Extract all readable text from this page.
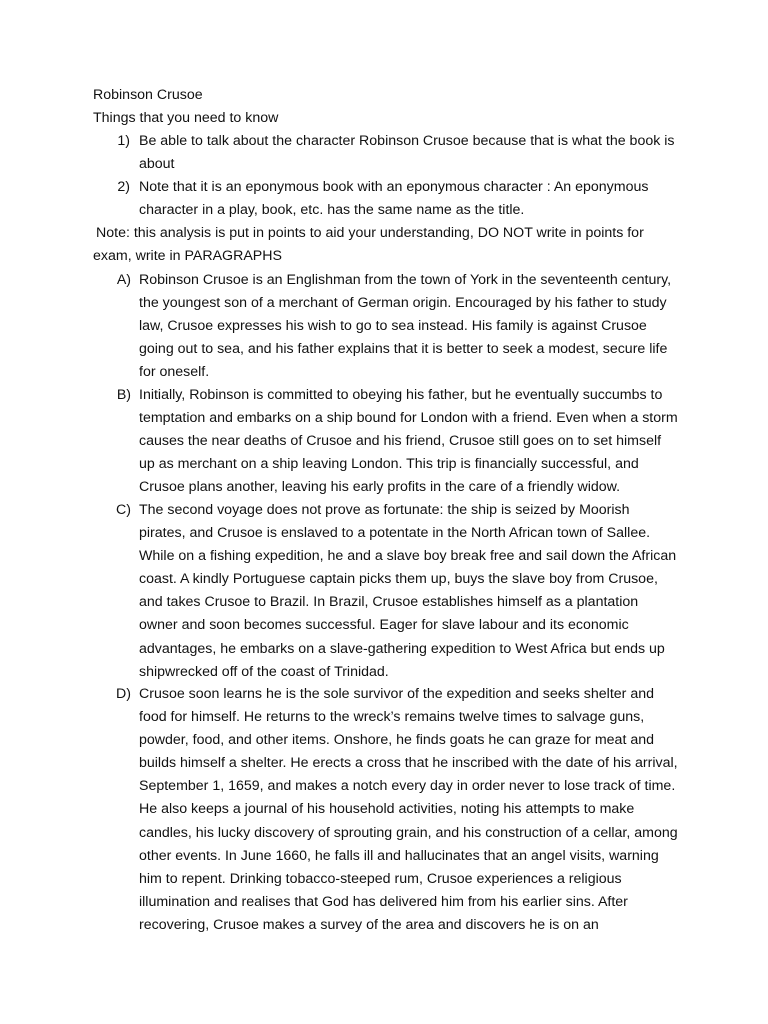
Robinson Crusoe
Things that you need to know
1) Be able to talk about the character Robinson Crusoe because that is what the book is about
2) Note that it is an eponymous book with an eponymous character : An eponymous character in a play, book, etc. has the same name as the title.
Note: this analysis is put in points to aid your understanding, DO NOT write in points for exam, write in PARAGRAPHS
A) Robinson Crusoe is an Englishman from the town of York in the seventeenth century, the youngest son of a merchant of German origin. Encouraged by his father to study law, Crusoe expresses his wish to go to sea instead. His family is against Crusoe going out to sea, and his father explains that it is better to seek a modest, secure life for oneself.
B) Initially, Robinson is committed to obeying his father, but he eventually succumbs to temptation and embarks on a ship bound for London with a friend. Even when a storm causes the near deaths of Crusoe and his friend, Crusoe still goes on to set himself up as merchant on a ship leaving London. This trip is financially successful, and Crusoe plans another, leaving his early profits in the care of a friendly widow.
C) The second voyage does not prove as fortunate: the ship is seized by Moorish pirates, and Crusoe is enslaved to a potentate in the North African town of Sallee. While on a fishing expedition, he and a slave boy break free and sail down the African coast. A kindly Portuguese captain picks them up, buys the slave boy from Crusoe, and takes Crusoe to Brazil. In Brazil, Crusoe establishes himself as a plantation owner and soon becomes successful. Eager for slave labour and its economic advantages, he embarks on a slave-gathering expedition to West Africa but ends up shipwrecked off of the coast of Trinidad.
D) Crusoe soon learns he is the sole survivor of the expedition and seeks shelter and food for himself. He returns to the wreck’s remains twelve times to salvage guns, powder, food, and other items. Onshore, he finds goats he can graze for meat and builds himself a shelter. He erects a cross that he inscribed with the date of his arrival, September 1, 1659, and makes a notch every day in order never to lose track of time. He also keeps a journal of his household activities, noting his attempts to make candles, his lucky discovery of sprouting grain, and his construction of a cellar, among other events. In June 1660, he falls ill and hallucinates that an angel visits, warning him to repent. Drinking tobacco-steeped rum, Crusoe experiences a religious illumination and realises that God has delivered him from his earlier sins. After recovering, Crusoe makes a survey of the area and discovers he is on an
